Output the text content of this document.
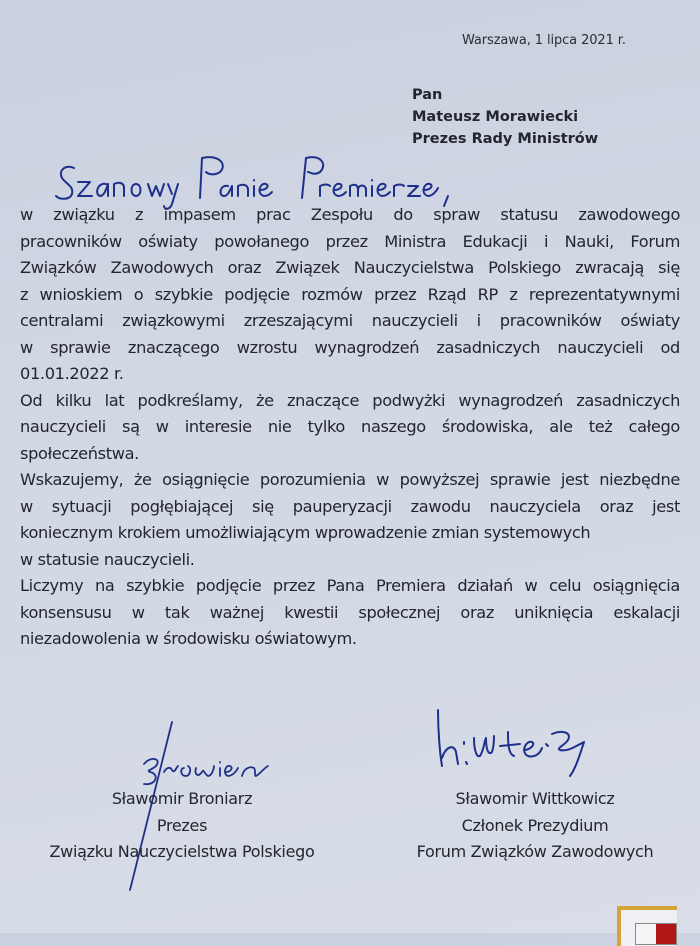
Warszawa, 1 lipca 2021 r.
Pan
Mateusz Morawiecki
Prezes Rady Ministrów

w związku z impasem prac Zespołu do spraw statusu zawodowego
pracowników oświaty powołanego przez Ministra Edukacji i Nauki, Forum
Związków Zawodowych oraz Związek Nauczycielstwa Polskiego zwracają się
z wnioskiem o szybkie podjęcie rozmów przez Rząd RP z reprezentatywnymi
centralami związkowymi zrzeszającymi nauczycieli i pracowników oświaty
w sprawie znaczącego wzrostu wynagrodzeń zasadniczych nauczycieli od
01.01.2022 r.

Od kilku lat podkreślamy, że znaczące podwyżki wynagrodzeń zasadniczych
nauczycieli są w interesie nie tylko naszego środowiska, ale też całego
społeczeństwa.

Wskazujemy, że osiągnięcie porozumienia w powyższej sprawie jest niezbędne
w sytuacji pogłębiającej się pauperyzacji zawodu nauczyciela oraz jest
koniecznym krokiem umożliwiającym wprowadzenie zmian systemowych
w statusie nauczycieli.

Liczymy na szybkie podjęcie przez Pana Premiera działań w celu osiągnięcia
konsensusu w tak ważnej kwestii społecznej oraz uniknięcia eskalacji
niezadowolenia w środowisku oświatowym.

Sławomir Broniarz
Prezes
Związku Nauczycielstwa Polskiego
Sławomir Wittkowicz
Członek Prezydium
Forum Związków Zawodowych
